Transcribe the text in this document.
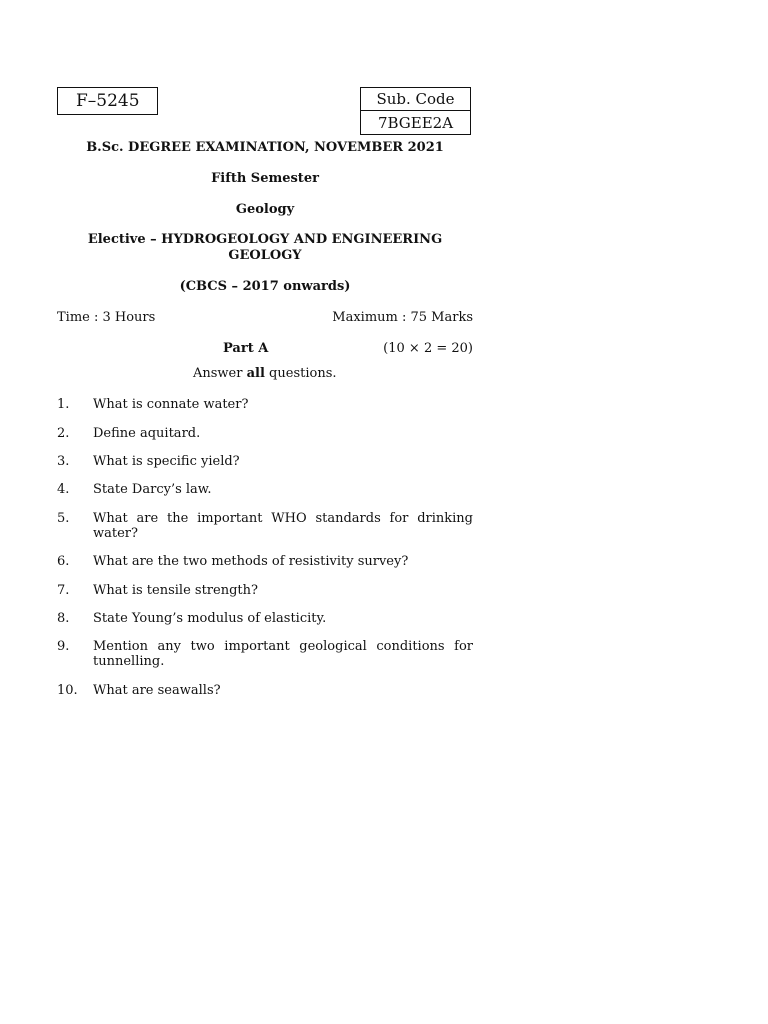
F–5245	Sub. Code
7BGEE2A
B.Sc. DEGREE EXAMINATION, NOVEMBER 2021
Fifth Semester
Geology
Elective – HYDROGEOLOGY AND ENGINEERING
GEOLOGY
(CBCS – 2017 onwards)
Time : 3 Hours	Maximum : 75 Marks
Part A	(10 × 2 = 20)
Answer all questions.
1. What is connate water?
2. Define aquitard.
3. What is specific yield?
4. State Darcy’s law.
5. What are the important WHO standards for drinking water?
6. What are the two methods of resistivity survey?
7. What is tensile strength?
8. State Young’s modulus of elasticity.
9. Mention any two important geological conditions for tunnelling.
10. What are seawalls?
